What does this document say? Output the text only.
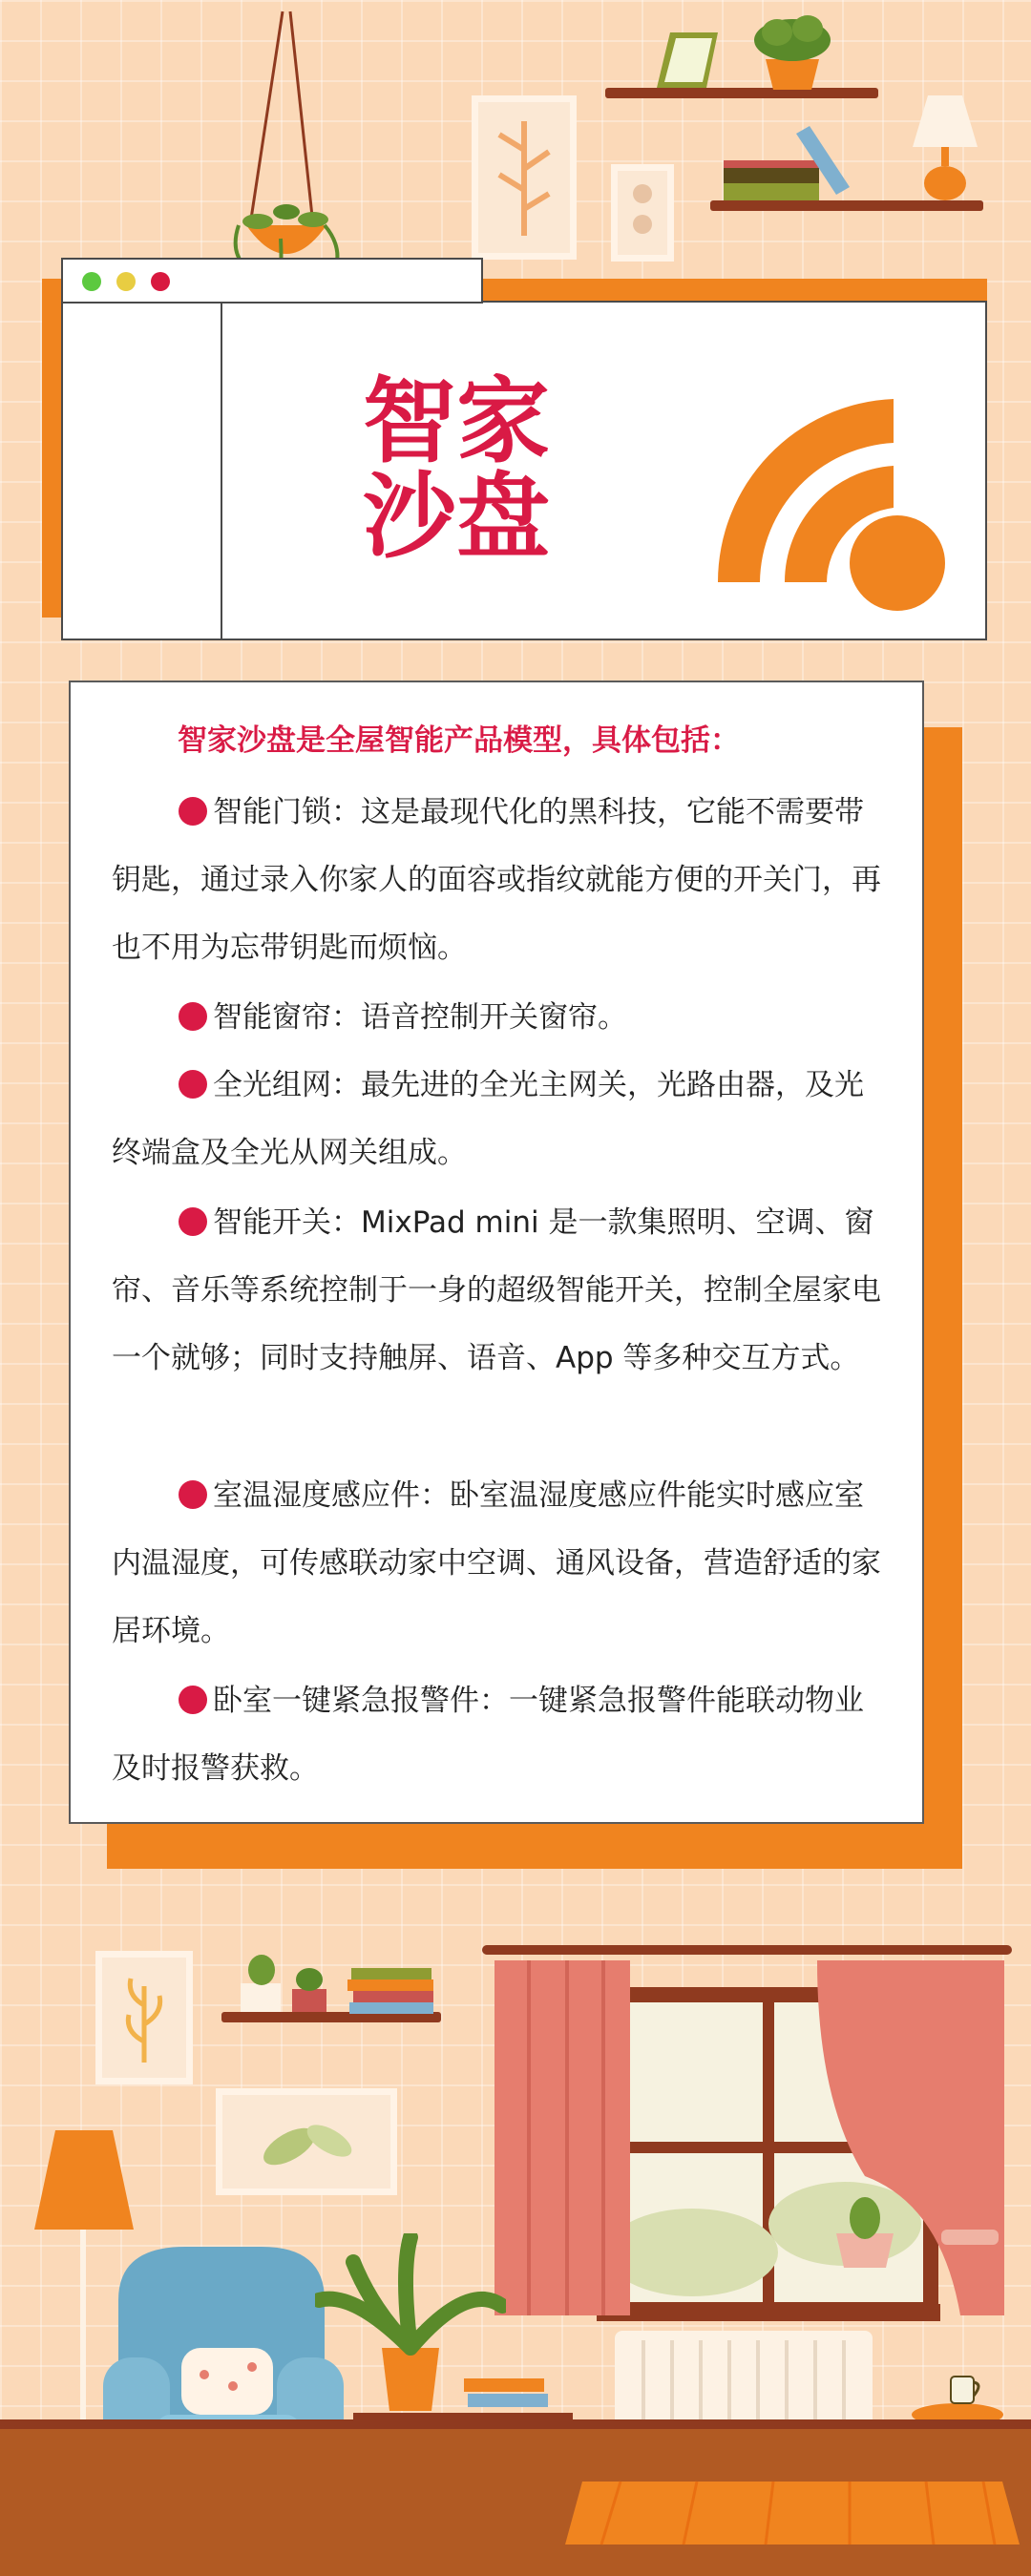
智家
沙盘
智家沙盘是全屋智能产品模型，具体包括：
智能门锁：这是最现代化的黑科技，它能不需要带钥匙，通过录入你家人的面容或指纹就能方便的开关门，再也不用为忘带钥匙而烦恼。
智能窗帘：语音控制开关窗帘。
全光组网：最先进的全光主网关，光路由器，及光终端盒及全光从网关组成。
智能开关：MixPad mini 是一款集照明、空调、窗帘、音乐等系统控制于一身的超级智能开关，控制全屋家电一个就够；同时支持触屏、语音、App 等多种交互方式。
室温湿度感应件：卧室温湿度感应件能实时感应室内温湿度，可传感联动家中空调、通风设备，营造舒适的家居环境。
卧室一键紧急报警件：一键紧急报警件能联动物业及时报警获救。
